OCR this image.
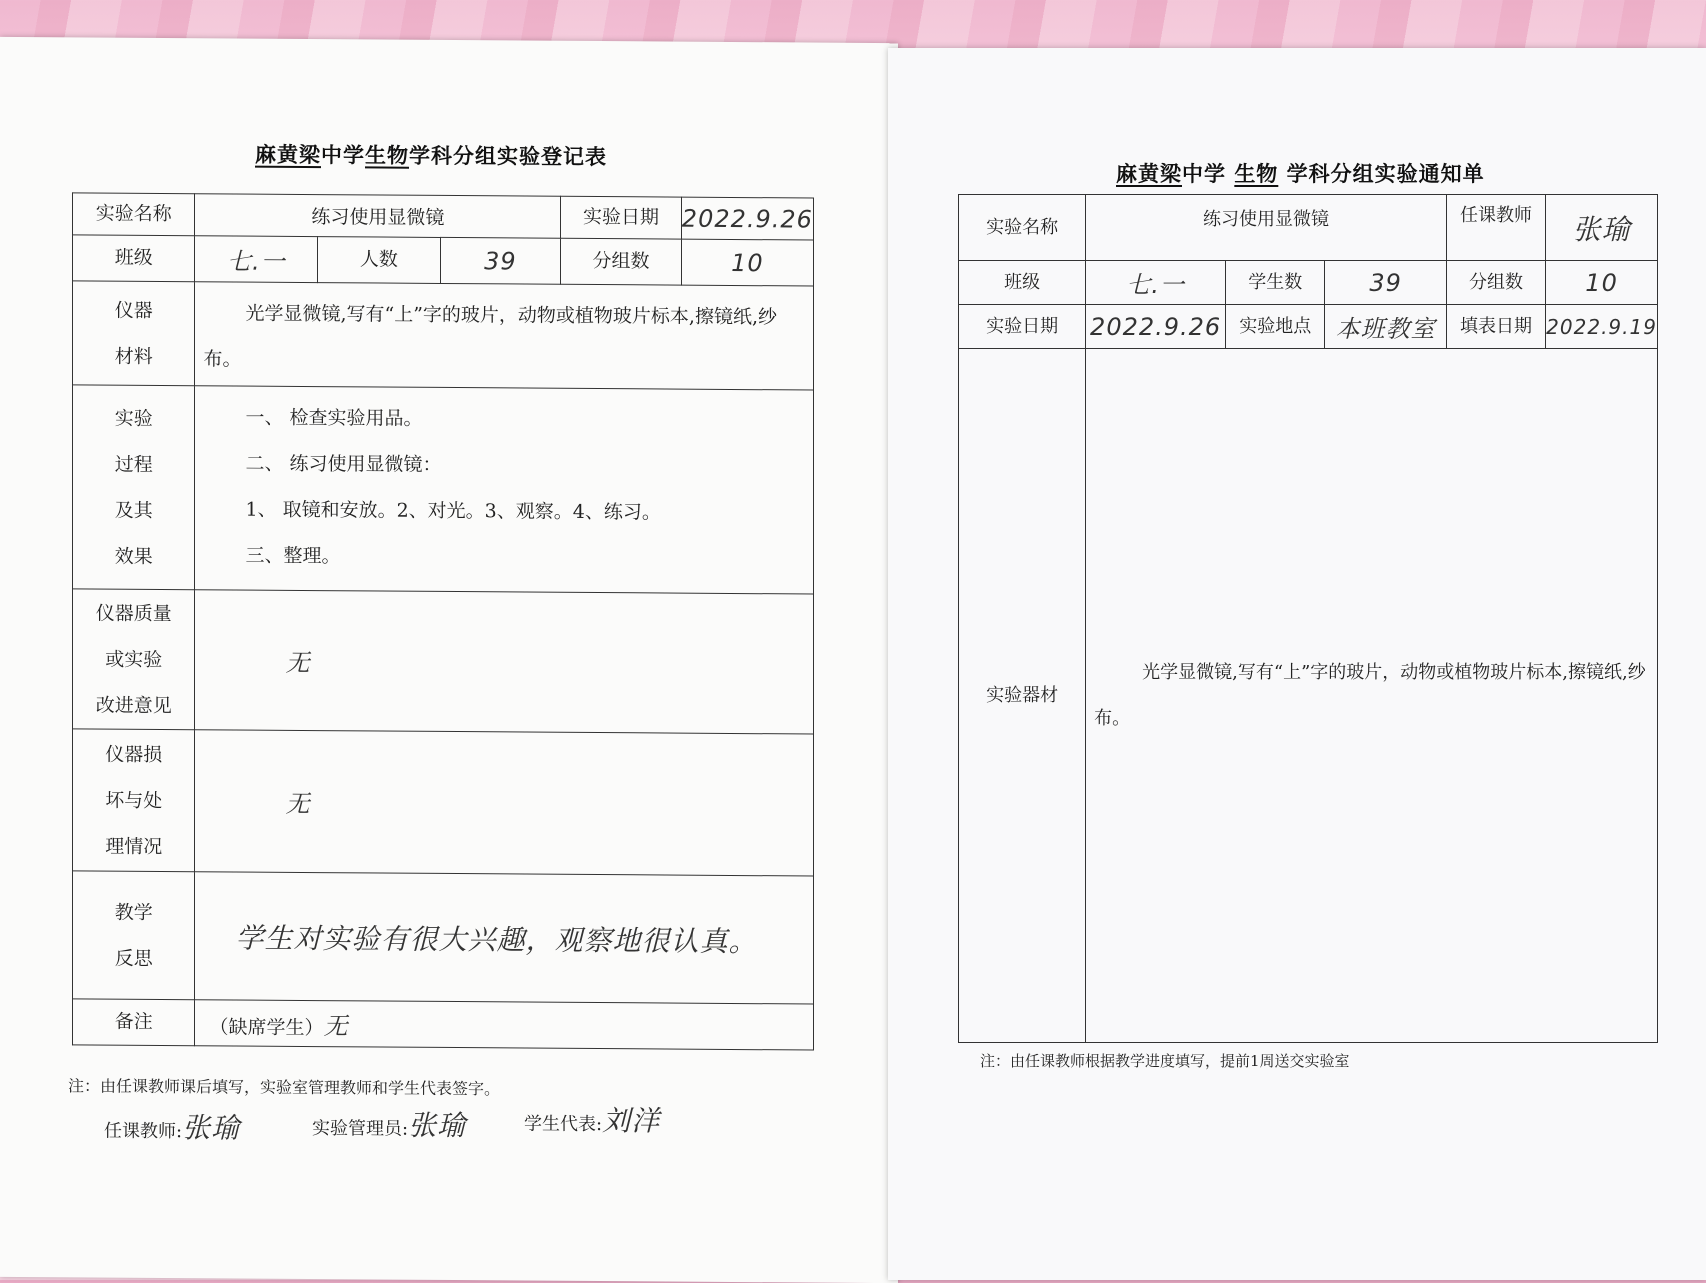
麻黄梁中学生物学科分组实验登记表
实验名称	练习使用显微镜			实验日期	2022.9.26
班级	七.一	人数	39	分组数	10

仪器
材料	光学显微镜,写有“上”字的玻片，动物或植物玻片标本,擦镜纸,纱布。				

实验
过程
及其
效果	一、 检查实验用品。
二、 练习使用显微镜：
1、 取镜和安放。2、对光。3、观察。4、练习。
三、整理。				

仪器质量
或实验
改进意见	无				

仪器损
坏与处
理情况	无				

教学
反思	学生对实验有很大兴趣，观察地很认真。				
备注	（缺席学生）无				
注：由任课教师课后填写，实验室管理教师和学生代表签字。
任课教师:张瑜	实验管理员:张瑜	学生代表:刘洋
麻黄梁中学 生物 学科分组实验通知单
实验名称	练习使用显微镜			任课教师	张瑜
班级	七.一	学生数	39	分组数	10
实验日期	2022.9.26	实验地点	本班教室	填表日期	2022.9.19
实验器材	光学显微镜,写有“上”字的玻片，动物或植物玻片标本,擦镜纸,纱布。				
注：由任课教师根据教学进度填写，提前1周送交实验室
